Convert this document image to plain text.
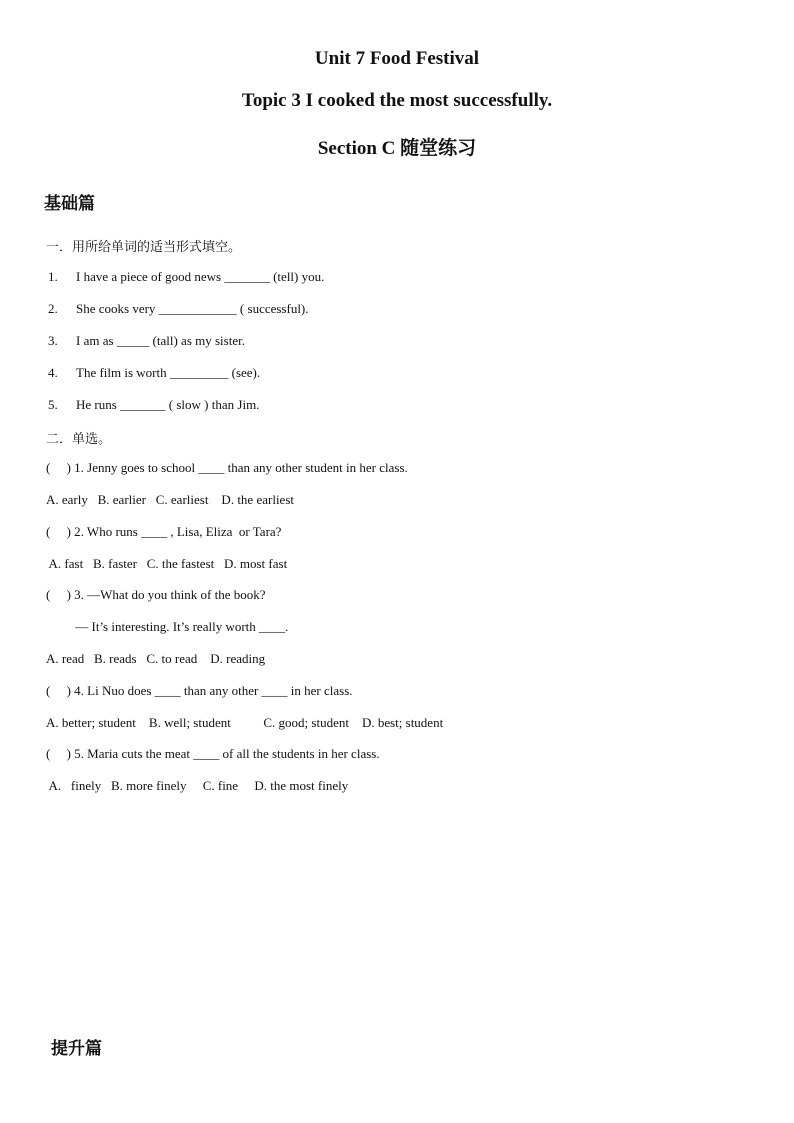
Unit 7 Food Festival
Topic 3 I cooked the most successfully.
Section C 随堂练习
基础篇
一．用所给单词的适当形式填空。
1. I have a piece of good news _______ (tell) you.
2. She cooks very ____________ ( successful).
3. I am as _____ (tall) as my sister.
4. The film is worth _________ (see).
5. He runs _______ ( slow ) than Jim.
二．单选。
(     ) 1. Jenny goes to school ____ than any other student in her class.
A. early   B. earlier   C. earliest    D. the earliest
(     ) 2. Who runs ____ , Lisa, Eliza  or Tara?
A. fast   B. faster   C. the fastest   D. most fast
(     ) 3. —What do you think of the book?
— It’s interesting. It’s really worth ____.
A. read   B. reads   C. to read    D. reading
(     ) 4. Li Nuo does ____ than any other ____ in her class.
A. better; student    B. well; student          C. good; student    D. best; student
(     ) 5. Maria cuts the meat ____ of all the students in her class.
A.   finely   B. more finely     C. fine     D. the most finely
提升篇
